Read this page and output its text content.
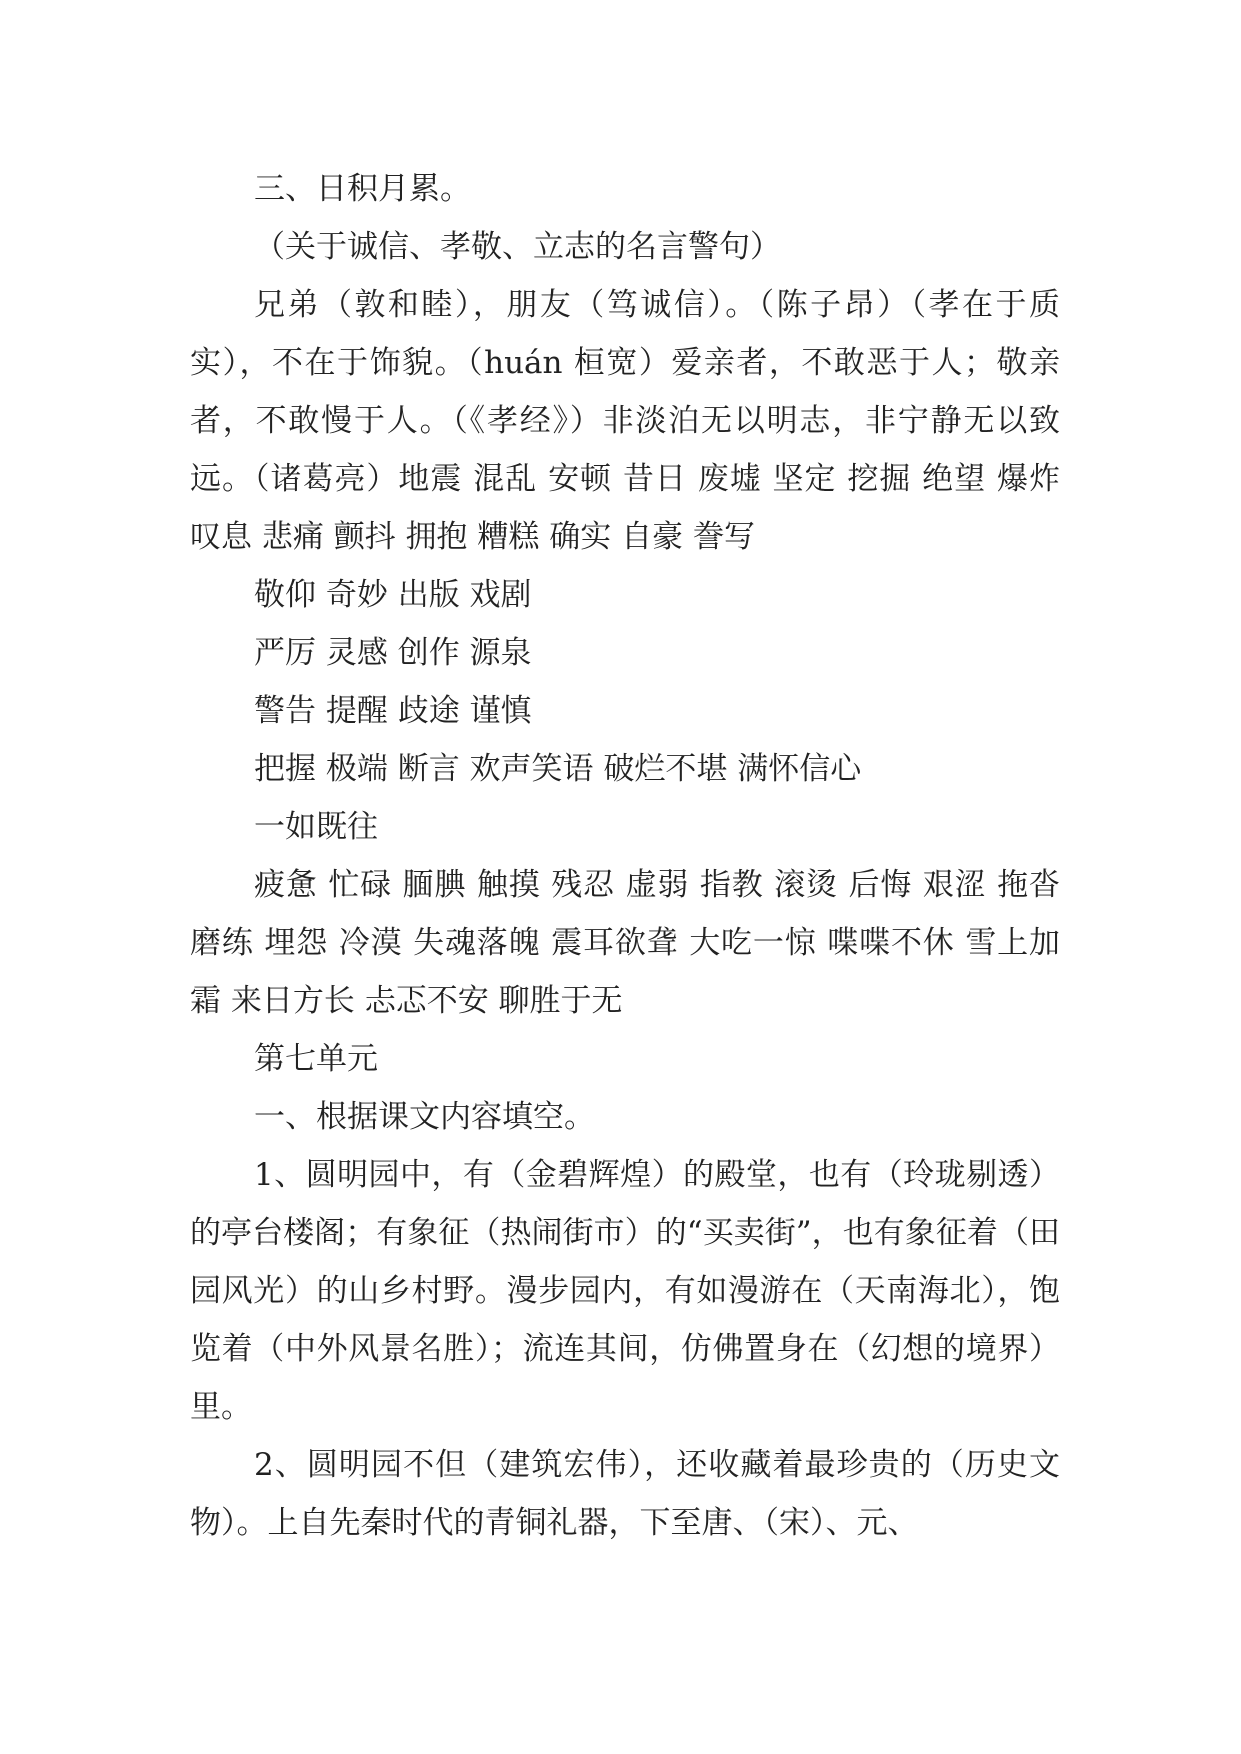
三、日积月累。

（关于诚信、孝敬、立志的名言警句）

兄弟（敦和睦），朋友（笃诚信）。（陈子昂）（孝在于质实），不在于饰貌。（huán 桓宽）爱亲者，不敢恶于人；敬亲者，不敢慢于人。（《孝经》）非淡泊无以明志，非宁静无以致远。（诸葛亮）地震 混乱 安顿 昔日 废墟 坚定 挖掘 绝望 爆炸 叹息 悲痛 颤抖 拥抱 糟糕 确实 自豪 誊写

敬仰 奇妙 出版 戏剧

严厉 灵感 创作 源泉

警告 提醒 歧途 谨慎

把握 极端 断言 欢声笑语 破烂不堪 满怀信心

一如既往

疲惫 忙碌 腼腆 触摸 残忍 虚弱 指教 滚烫 后悔 艰涩 拖沓 磨练 埋怨 冷漠 失魂落魄 震耳欲聋 大吃一惊 喋喋不休 雪上加霜 来日方长 忐忑不安 聊胜于无

第七单元

一、根据课文内容填空。

1、圆明园中，有（金碧辉煌）的殿堂，也有（玲珑剔透）的亭台楼阁；有象征（热闹街市）的“买卖街”，也有象征着（田园风光）的山乡村野。漫步园内，有如漫游在（天南海北），饱览着（中外风景名胜）；流连其间，仿佛置身在（幻想的境界）里。

2、圆明园不但（建筑宏伟），还收藏着最珍贵的（历史文物）。上自先秦时代的青铜礼器，下至唐、（宋）、元、
